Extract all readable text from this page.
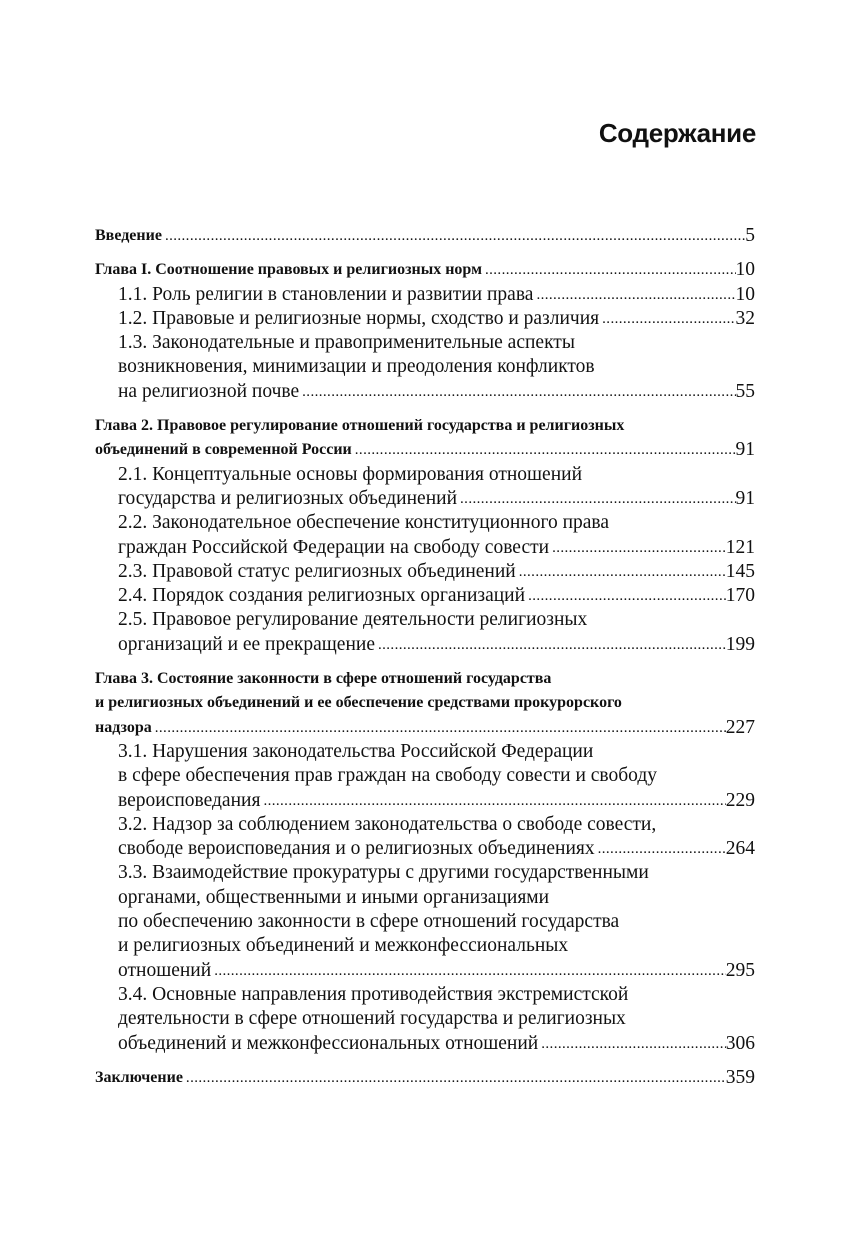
Содержание
Введение .....	5
Глава I. Соотношение правовых и религиозных норм .....	10
1.1. Роль религии в становлении и развитии права .....	10
1.2. Правовые и религиозные нормы, сходство и различия .....	32
1.3. Законодательные и правоприменительные аспекты
возникновения, минимизации и преодоления конфликтов
на религиозной почве .....	55
Глава 2. Правовое регулирование отношений государства и религиозных
объединений в современной России .....	91
2.1. Концептуальные основы формирования отношений
государства и религиозных объединений .....	91
2.2. Законодательное обеспечение конституционного права
граждан Российской Федерации на свободу совести .....	121
2.3. Правовой статус религиозных объединений .....	145
2.4. Порядок создания религиозных организаций .....	170
2.5. Правовое регулирование деятельности религиозных
организаций и ее прекращение .....	199
Глава 3. Состояние законности в сфере отношений государства
и религиозных объединений и ее обеспечение средствами прокурорского
надзора .....	227
3.1. Нарушения законодательства Российской Федерации
в сфере обеспечения прав граждан на свободу совести и свободу
вероисповедания .....	229
3.2. Надзор за соблюдением законодательства о свободе совести,
свободе вероисповедания и о религиозных объединениях .....	264
3.3. Взаимодействие прокуратуры с другими государственными
органами, общественными и иными организациями
по обеспечению законности в сфере отношений государства
и религиозных объединений и межконфессиональных
отношений .....	295
3.4. Основные направления противодействия экстремистской
деятельности в сфере отношений государства и религиозных
объединений и межконфессиональных отношений .....	306
Заключение .....	359
